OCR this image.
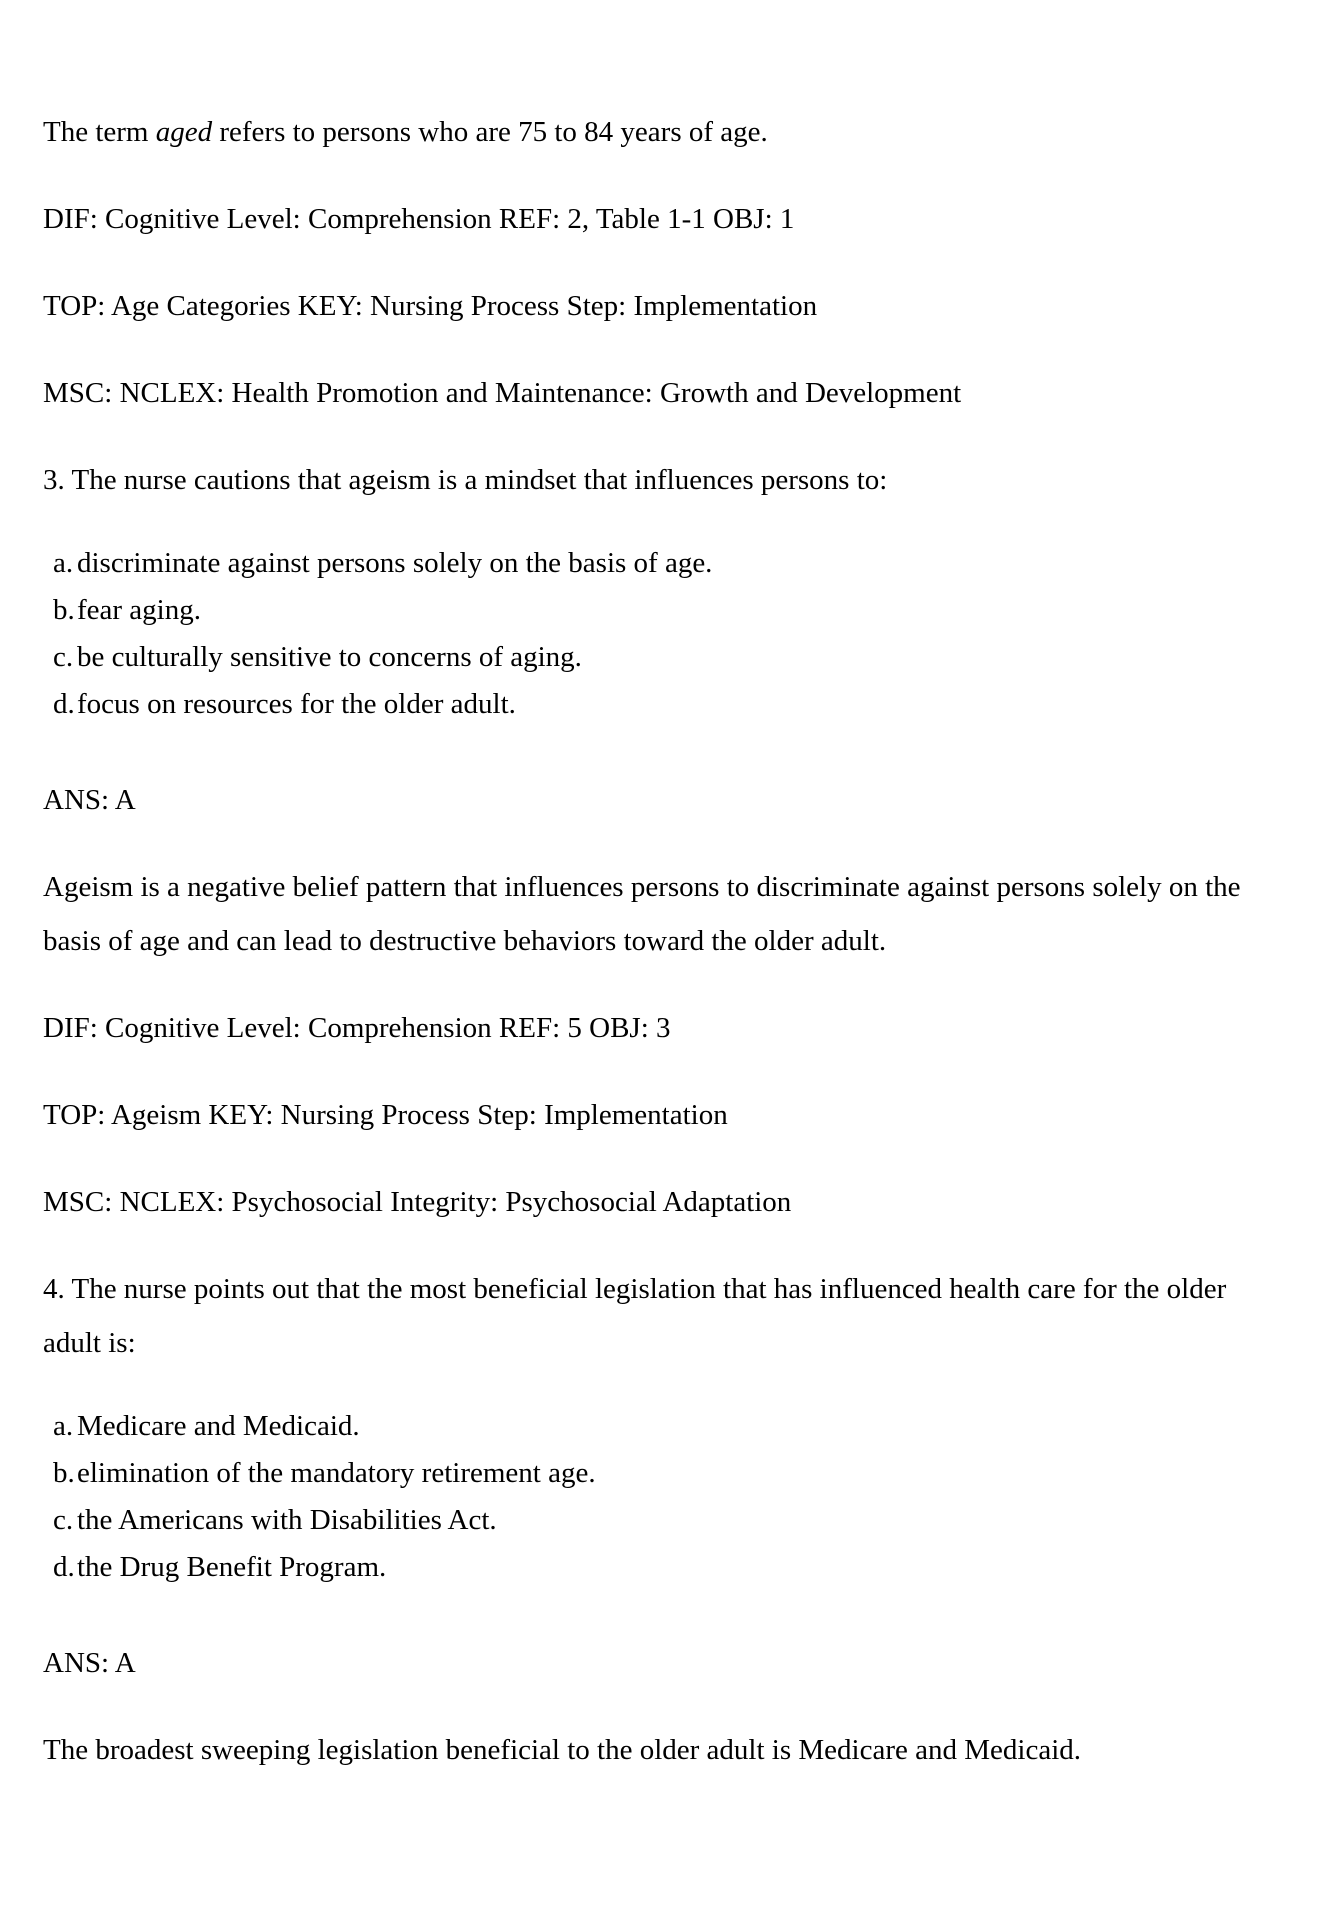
The term aged refers to persons who are 75 to 84 years of age.

DIF: Cognitive Level: Comprehension REF: 2, Table 1-1 OBJ: 1

TOP: Age Categories KEY: Nursing Process Step: Implementation

MSC: NCLEX: Health Promotion and Maintenance: Growth and Development

3. The nurse cautions that ageism is a mindset that influences persons to:

a. discriminate against persons solely on the basis of age.
b. fear aging.
c. be culturally sensitive to concerns of aging.
d. focus on resources for the older adult.

ANS: A

Ageism is a negative belief pattern that influences persons to discriminate against persons solely on the basis of age and can lead to destructive behaviors toward the older adult.

DIF: Cognitive Level: Comprehension REF: 5 OBJ: 3

TOP: Ageism KEY: Nursing Process Step: Implementation

MSC: NCLEX: Psychosocial Integrity: Psychosocial Adaptation

4. The nurse points out that the most beneficial legislation that has influenced health care for the older adult is:

a. Medicare and Medicaid.
b. elimination of the mandatory retirement age.
c. the Americans with Disabilities Act.
d. the Drug Benefit Program.

ANS: A

The broadest sweeping legislation beneficial to the older adult is Medicare and Medicaid.
